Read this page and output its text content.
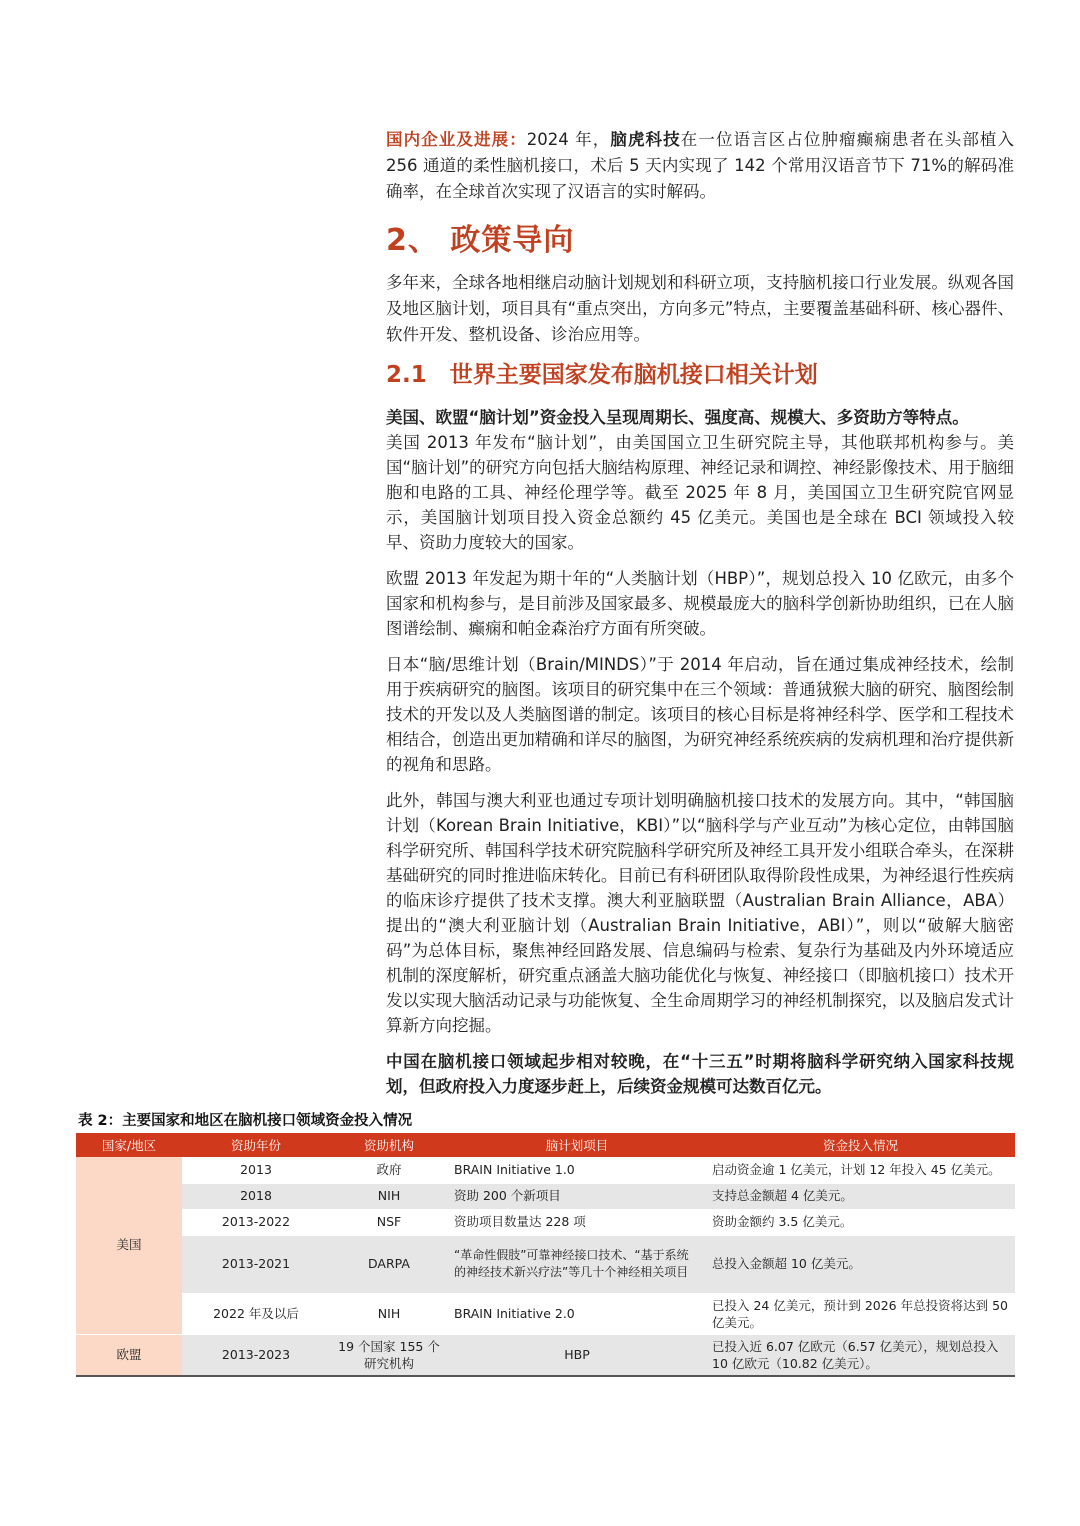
国内企业及进展：2024 年，脑虎科技在一位语言区占位肿瘤癫痫患者在头部植入 256 通道的柔性脑机接口，术后 5 天内实现了 142 个常用汉语音节下 71%的解码准确率，在全球首次实现了汉语言的实时解码。
2、 政策导向
多年来，全球各地相继启动脑计划规划和科研立项，支持脑机接口行业发展。纵观各国及地区脑计划，项目具有“重点突出，方向多元”特点，主要覆盖基础科研、核心器件、软件开发、整机设备、诊治应用等。
2.1　世界主要国家发布脑机接口相关计划
美国、欧盟“脑计划”资金投入呈现周期长、强度高、规模大、多资助方等特点。
美国 2013 年发布“脑计划”，由美国国立卫生研究院主导，其他联邦机构参与。美国“脑计划”的研究方向包括大脑结构原理、神经记录和调控、神经影像技术、用于脑细胞和电路的工具、神经伦理学等。截至 2025 年 8 月，美国国立卫生研究院官网显示，美国脑计划项目投入资金总额约 45 亿美元。美国也是全球在 BCI 领域投入较早、资助力度较大的国家。
欧盟 2013 年发起为期十年的“人类脑计划（HBP）”，规划总投入 10 亿欧元，由多个国家和机构参与，是目前涉及国家最多、规模最庞大的脑科学创新协助组织，已在人脑图谱绘制、癫痫和帕金森治疗方面有所突破。
日本“脑/思维计划（Brain/MINDS）”于 2014 年启动，旨在通过集成神经技术，绘制用于疾病研究的脑图。该项目的研究集中在三个领域：普通狨猴大脑的研究、脑图绘制技术的开发以及人类脑图谱的制定。该项目的核心目标是将神经科学、医学和工程技术相结合，创造出更加精确和详尽的脑图，为研究神经系统疾病的发病机理和治疗提供新的视角和思路。
此外，韩国与澳大利亚也通过专项计划明确脑机接口技术的发展方向。其中，“韩国脑计划（Korean Brain Initiative，KBI）”以“脑科学与产业互动”为核心定位，由韩国脑科学研究所、韩国科学技术研究院脑科学研究所及神经工具开发小组联合牵头，在深耕基础研究的同时推进临床转化。目前已有科研团队取得阶段性成果，为神经退行性疾病的临床诊疗提供了技术支撑。澳大利亚脑联盟（Australian Brain Alliance，ABA）提出的“澳大利亚脑计划（Australian Brain Initiative，ABI）”，则以“破解大脑密码”为总体目标，聚焦神经回路发展、信息编码与检索、复杂行为基础及内外环境适应机制的深度解析，研究重点涵盖大脑功能优化与恢复、神经接口（即脑机接口）技术开发以实现大脑活动记录与功能恢复、全生命周期学习的神经机制探究，以及脑启发式计算新方向挖掘。
中国在脑机接口领域起步相对较晚，在“十三五”时期将脑科学研究纳入国家科技规划，但政府投入力度逐步赶上，后续资金规模可达数百亿元。
表 2：主要国家和地区在脑机接口领域资金投入情况
国家/地区	资助年份	资助机构	脑计划项目	资金投入情况
美国	2013	政府	BRAIN Initiative 1.0	启动资金逾 1 亿美元，计划 12 年投入 45 亿美元。
	2018	NIH	资助 200 个新项目	支持总金额超 4 亿美元。
	2013-2022	NSF	资助项目数量达 228 项	资助金额约 3.5 亿美元。
	2013-2021	DARPA	“革命性假肢”可靠神经接口技术、“基于系统的神经技术新兴疗法”等几十个神经相关项目	总投入金额超 10 亿美元。
	2022 年及以后	NIH	BRAIN Initiative 2.0	已投入 24 亿美元，预计到 2026 年总投资将达到 50 亿美元。
欧盟	2013-2023	19 个国家 155 个研究机构	HBP	已投入近 6.07 亿欧元（6.57 亿美元），规划总投入 10 亿欧元（10.82 亿美元）。
